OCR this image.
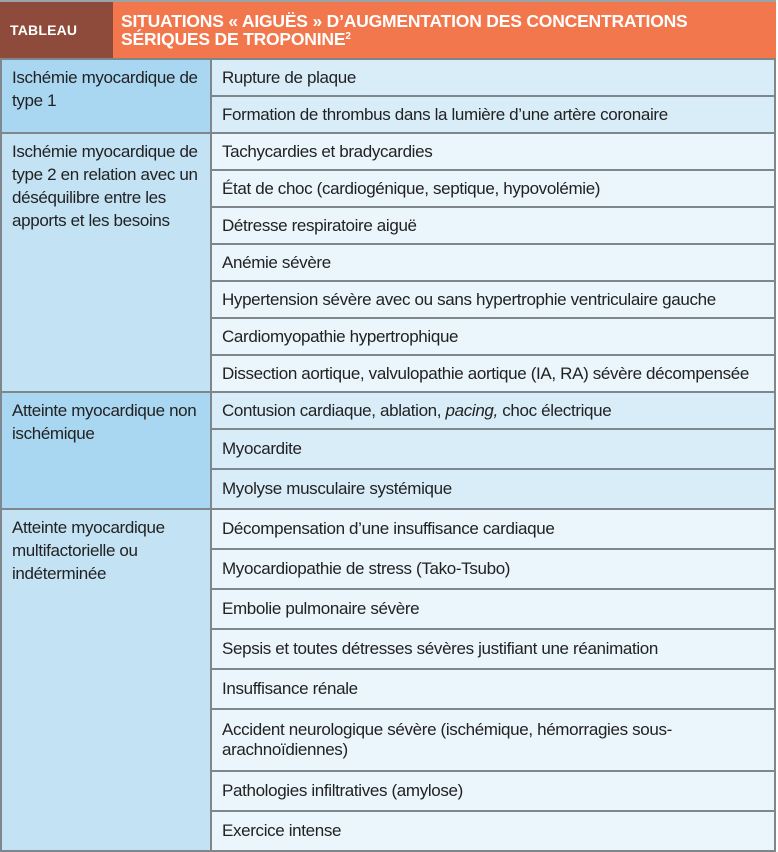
TABLEAU	SITUATIONS « AIGUËS » D’AUGMENTATION DES CONCENTRATIONS
SÉRIQUES DE TROPONINE$^2$
Ischémie myocardique de type 1	Rupture de plaque
	Formation de thrombus dans la lumière d’une artère coronaire
Ischémie myocardique de type 2 en relation avec un déséquilibre entre les apports et les besoins	Tachycardies et bradycardies
	État de choc (cardiogénique, septique, hypovolémie)
	Détresse respiratoire aiguë
	Anémie sévère
	Hypertension sévère avec ou sans hypertrophie ventriculaire gauche
	Cardiomyopathie hypertrophique
	Dissection aortique, valvulopathie aortique (IA, RA) sévère décompensée
Atteinte myocardique non ischémique	Contusion cardiaque, ablation, pacing, choc électrique
	Myocardite
	Myolyse musculaire systémique
Atteinte myocardique multifactorielle ou indéterminée	Décompensation d’une insuffisance cardiaque
	Myocardiopathie de stress (Tako-Tsubo)
	Embolie pulmonaire sévère
	Sepsis et toutes détresses sévères justifiant une réanimation
	Insuffisance rénale
	Accident neurologique sévère (ischémique, hémorragies sous-arachnoïdiennes)
	Pathologies infiltratives (amylose)
	Exercice intense
